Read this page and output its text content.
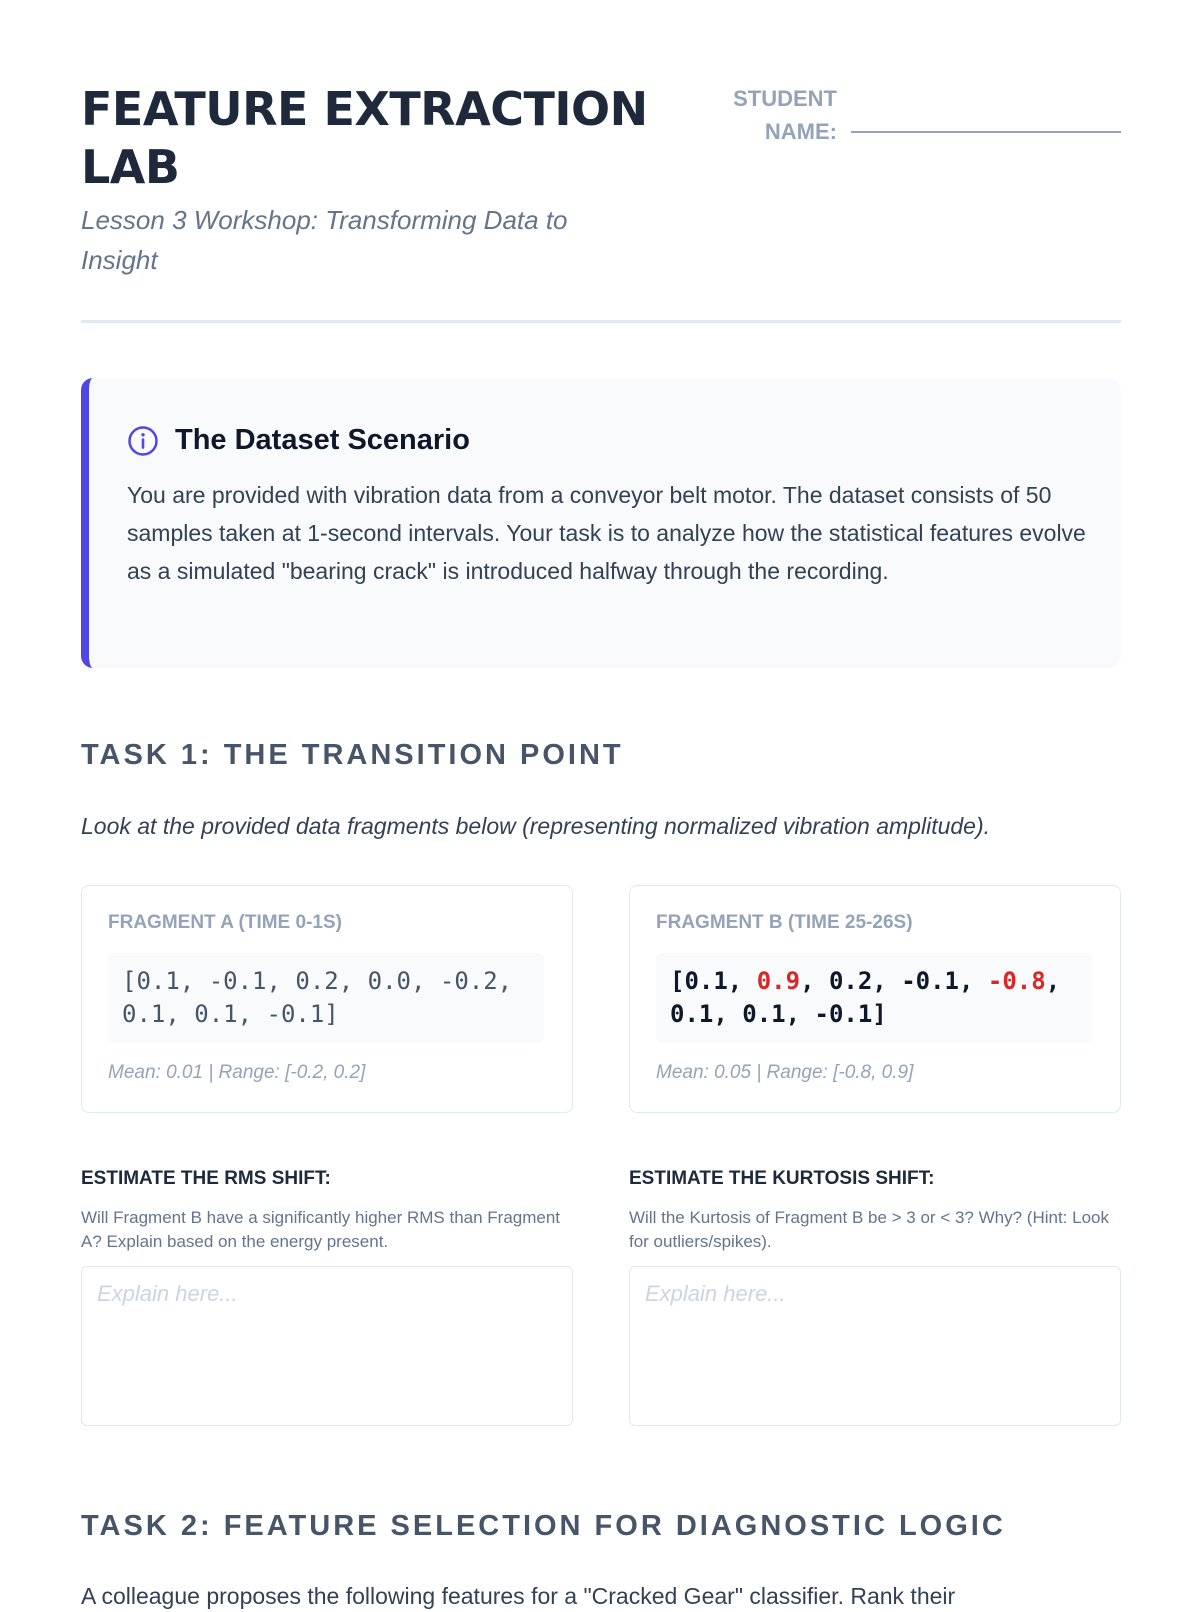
FEATURE EXTRACTION LAB
Lesson 3 Workshop: Transforming Data to Insight
STUDENT
NAME:
The Dataset Scenario
You are provided with vibration data from a conveyor belt motor. The dataset consists of 50 samples taken at 1-second intervals. Your task is to analyze how the statistical features evolve as a simulated "bearing crack" is introduced halfway through the recording.
TASK 1: THE TRANSITION POINT
Look at the provided data fragments below (representing normalized vibration amplitude).
FRAGMENT A (TIME 0-1S)
[0.1, -0.1, 0.2, 0.0, -0.2,
0.1, 0.1, -0.1]
Mean: 0.01 | Range: [-0.2, 0.2]
FRAGMENT B (TIME 25-26S)
[0.1, 0.9, 0.2, -0.1, -0.8,
0.1, 0.1, -0.1]
Mean: 0.05 | Range: [-0.8, 0.9]
ESTIMATE THE RMS SHIFT:
Will Fragment B have a significantly higher RMS than Fragment A? Explain based on the energy present.
Explain here...
ESTIMATE THE KURTOSIS SHIFT:
Will the Kurtosis of Fragment B be > 3 or < 3? Why? (Hint: Look for outliers/spikes).
Explain here...
TASK 2: FEATURE SELECTION FOR DIAGNOSTIC LOGIC
A colleague proposes the following features for a "Cracked Gear" classifier. Rank their
